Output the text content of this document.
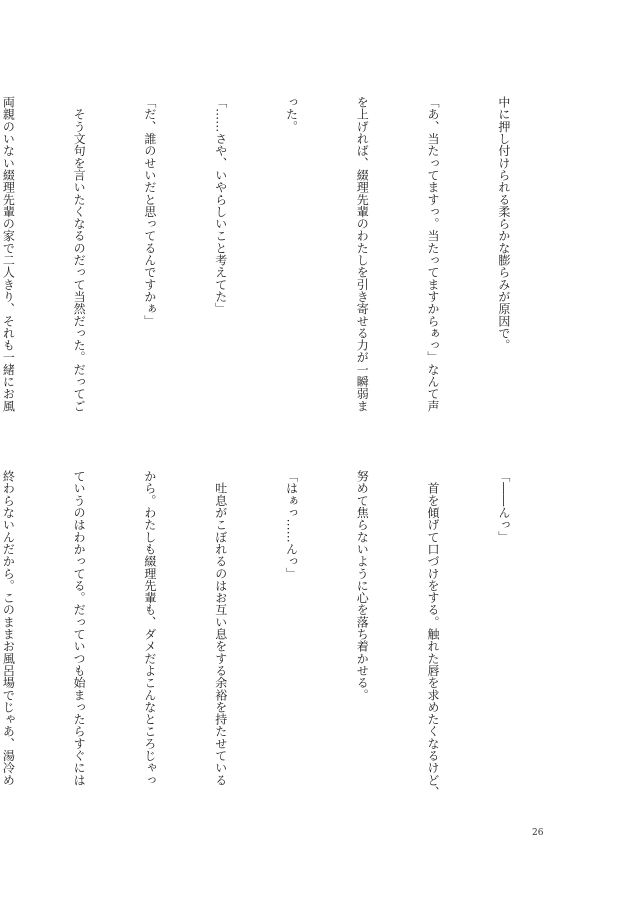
中に押し付けられる柔らかな膨らみが原因で。

「あ、当たってますっ。当たってますからぁっ」なんて声

を上げれば、綴理先輩のわたしを引き寄せる力が一瞬弱ま

った。

「……さや、いやらしいこと考えてた」

「だ、誰のせいだと思ってるんですかぁ」

　そう文句を言いたくなるのだって当然だった。だってご

両親のいない綴理先輩の家で二人きり、それも一緒にお風

「――んっ」

　首を傾げて口づけをする。触れた唇を求めたくなるけど、

努めて焦らないように心を落ち着かせる。

「はぁっ……んっ」

　吐息がこぼれるのはお互い息をする余裕を持たせている

から。わたしも綴理先輩も、ダメだよこんなところじゃっ

ていうのはわかってる。だっていつも始まったらすぐには

終わらないんだから。このままお風呂場でじゃあ、湯冷め

26
